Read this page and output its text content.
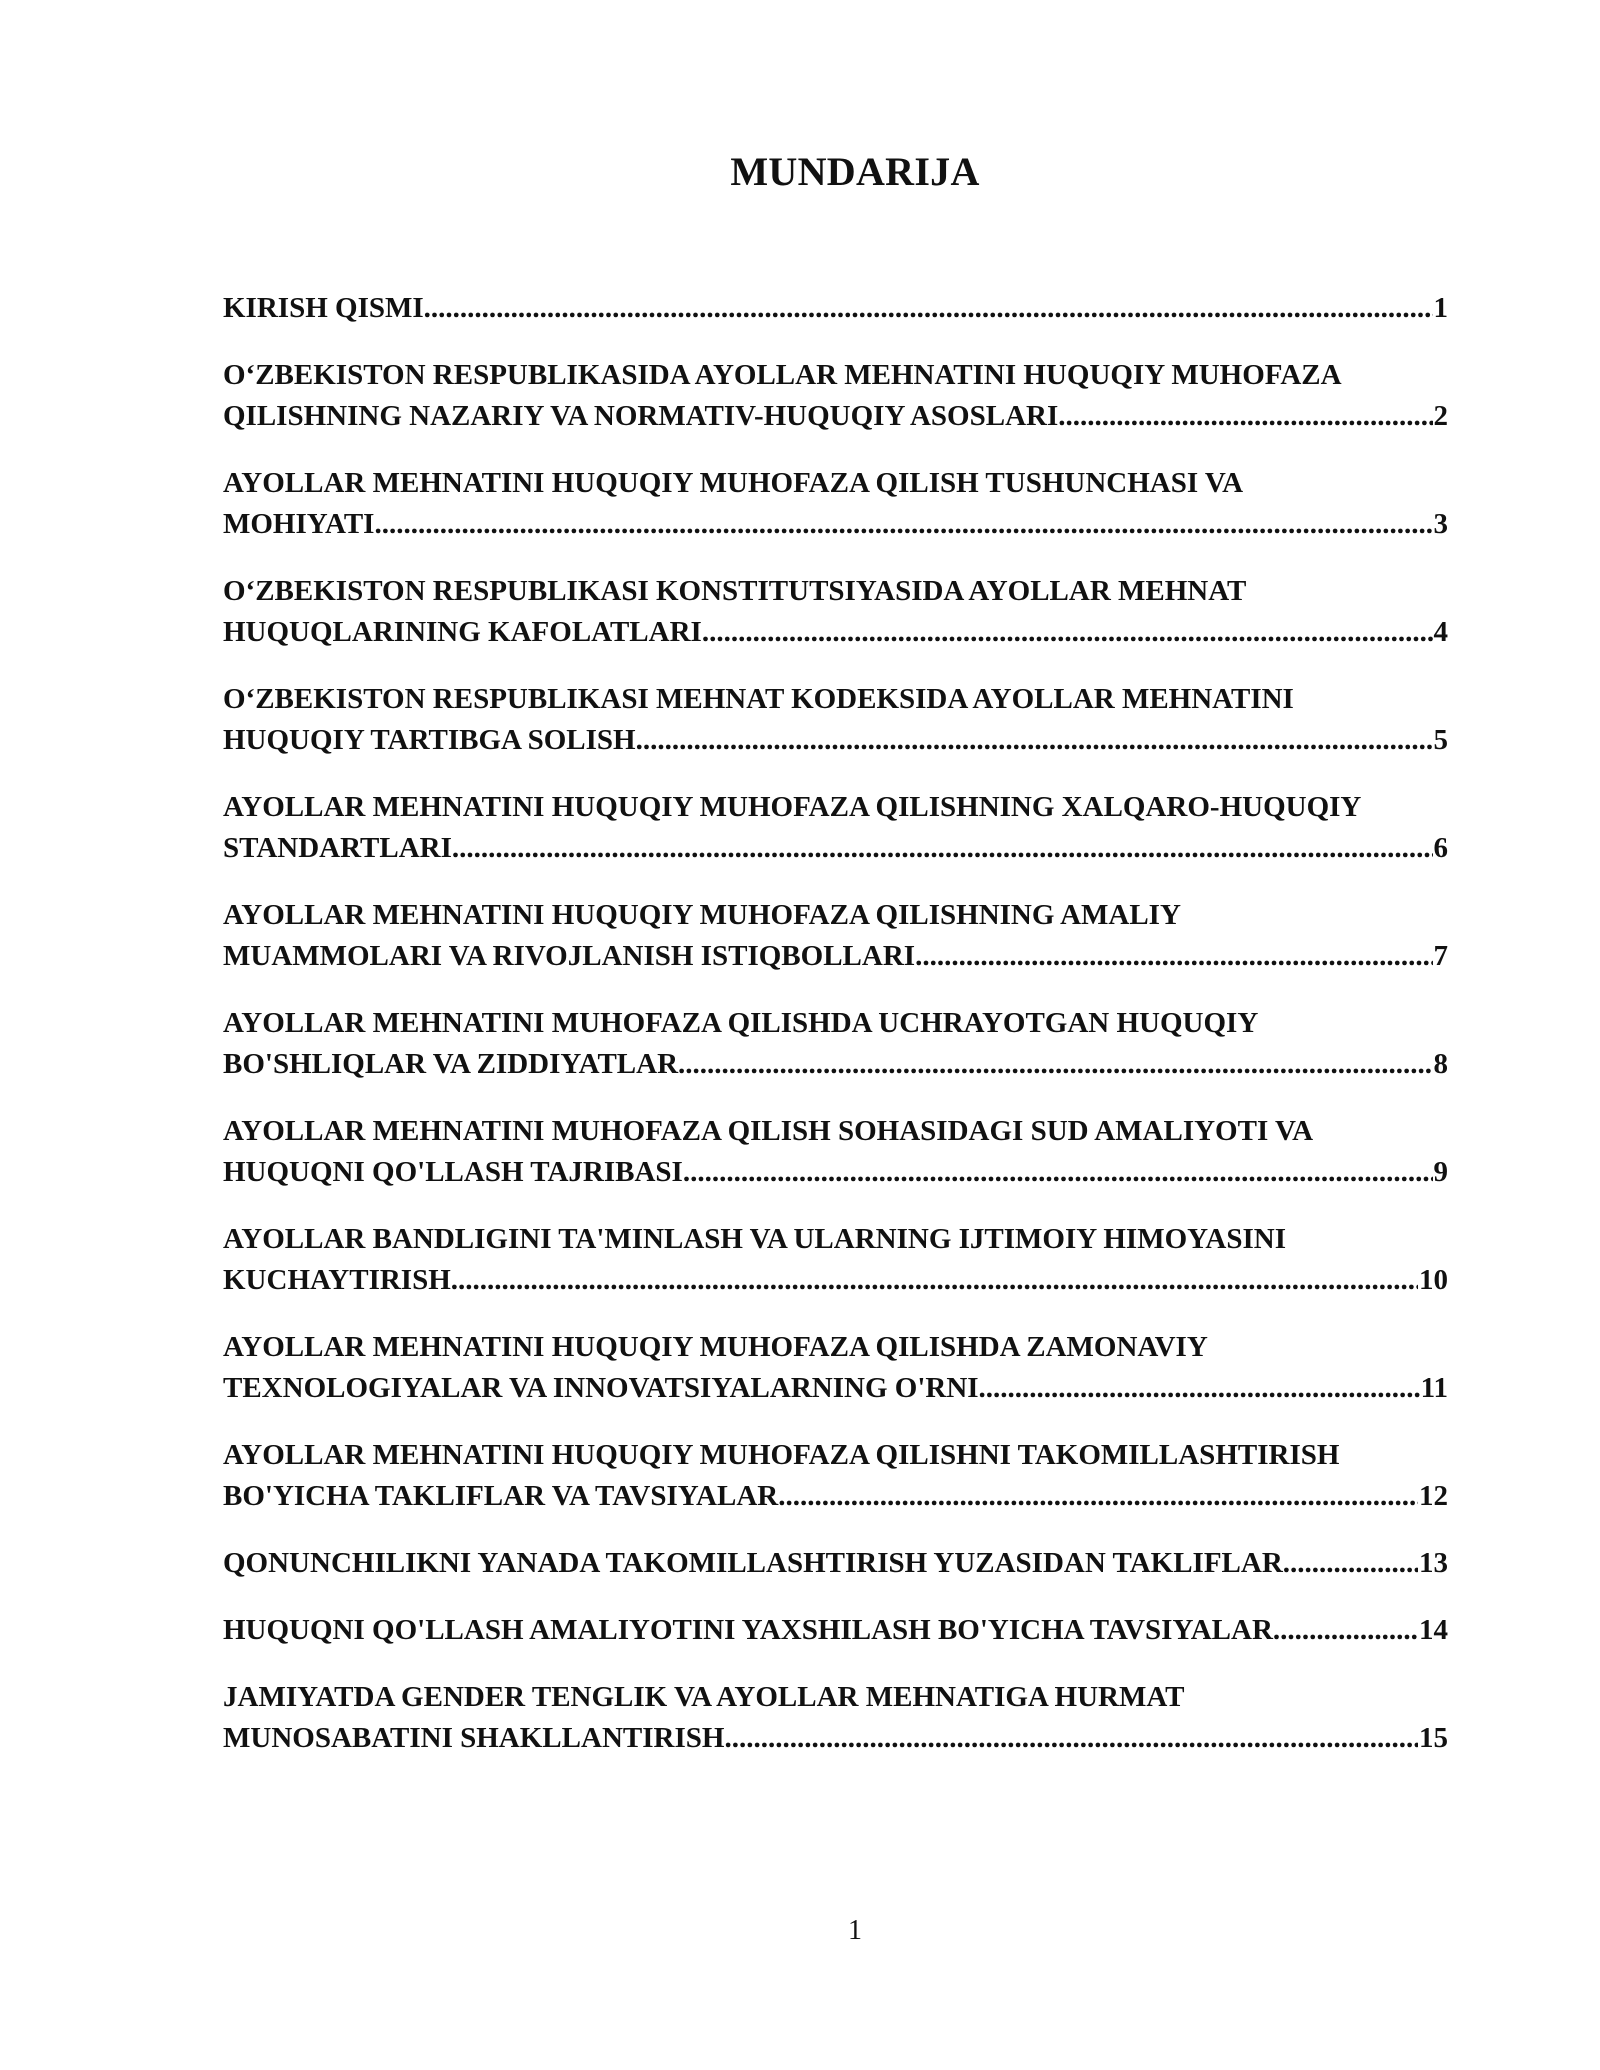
MUNDARIJA
KIRISH QISMI .....	1
O‘ZBEKISTON RESPUBLIKASIDA AYOLLAR MEHNATINI HUQUQIY MUHOFAZA
QILISHNING NAZARIY VA NORMATIV-HUQUQIY ASOSLARI .....	2
AYOLLAR MEHNATINI HUQUQIY MUHOFAZA QILISH TUSHUNCHASI VA
MOHIYATI .....	3
O‘ZBEKISTON RESPUBLIKASI KONSTITUTSIYASIDA AYOLLAR MEHNAT
HUQUQLARINING KAFOLATLARI .....	4
O‘ZBEKISTON RESPUBLIKASI MEHNAT KODEKSIDA AYOLLAR MEHNATINI
HUQUQIY TARTIBGA SOLISH .....	5
AYOLLAR MEHNATINI HUQUQIY MUHOFAZA QILISHNING XALQARO-HUQUQIY
STANDARTLARI .....	6
AYOLLAR MEHNATINI HUQUQIY MUHOFAZA QILISHNING AMALIY
MUAMMOLARI VA RIVOJLANISH ISTIQBOLLARI .....	7
AYOLLAR MEHNATINI MUHOFAZA QILISHDA UCHRAYOTGAN HUQUQIY
BO'SHLIQLAR VA ZIDDIYATLAR .....	8
AYOLLAR MEHNATINI MUHOFAZA QILISH SOHASIDAGI SUD AMALIYOTI VA
HUQUQNI QO'LLASH TAJRIBASI .....	9
AYOLLAR BANDLIGINI TA'MINLASH VA ULARNING IJTIMOIY HIMOYASINI
KUCHAYTIRISH .....	10
AYOLLAR MEHNATINI HUQUQIY MUHOFAZA QILISHDA ZAMONAVIY
TEXNOLOGIYALAR VA INNOVATSIYALARNING O'RNI .....	11
AYOLLAR MEHNATINI HUQUQIY MUHOFAZA QILISHNI TAKOMILLASHTIRISH
BO'YICHA TAKLIFLAR VA TAVSIYALAR .....	12
QONUNCHILIKNI YANADA TAKOMILLASHTIRISH YUZASIDAN TAKLIFLAR .....	13
HUQUQNI QO'LLASH AMALIYOTINI YAXSHILASH BO'YICHA TAVSIYALAR .....	14
JAMIYATDA GENDER TENGLIK VA AYOLLAR MEHNATIGA HURMAT
MUNOSABATINI SHAKLLANTIRISH .....	15
1
